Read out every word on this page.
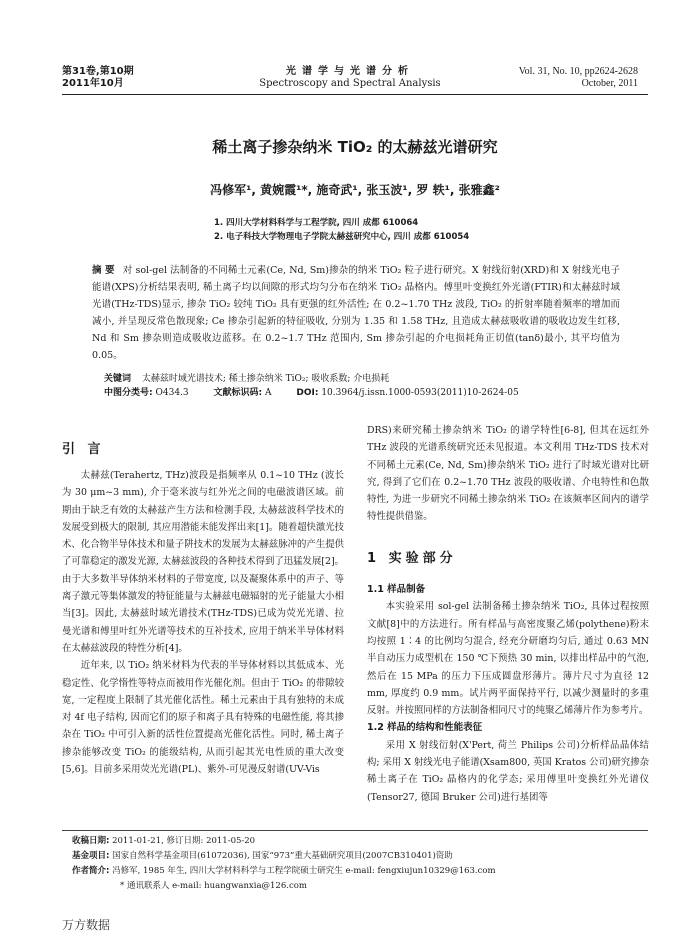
第31卷,第10期
2011年10月
光谱学与光谱分析
Spectroscopy and Spectral Analysis
Vol. 31, No. 10, pp2624-2628
October, 2011
稀土离子掺杂纳米 TiO₂ 的太赫兹光谱研究
冯修军¹, 黄婉霞¹*, 施奇武¹, 张玉波¹, 罗 轶¹, 张雅鑫²
1. 四川大学材料科学与工程学院, 四川 成都 610064
2. 电子科技大学物理电子学院太赫兹研究中心, 四川 成都 610054
摘 要 对 sol-gel 法制备的不同稀土元素(Ce, Nd, Sm)掺杂的纳米 TiO₂ 粒子进行研究。X 射线衍射(XRD)和 X 射线光电子能谱(XPS)分析结果表明, 稀土离子均以间隙的形式均匀分布在纳米 TiO₂ 晶格内。傅里叶变换红外光谱(FTIR)和太赫兹时域光谱(THz-TDS)显示, 掺杂 TiO₂ 较纯 TiO₂ 具有更强的红外活性; 在 0.2~1.70 THz 波段, TiO₂ 的折射率随着频率的增加而减小, 并呈现反常色散现象; Ce 掺杂引起新的特征吸收, 分别为 1.35 和 1.58 THz, 且造成太赫兹吸收谱的吸收边发生红移, Nd 和 Sm 掺杂则造成吸收边蓝移。在 0.2~1.7 THz 范围内, Sm 掺杂引起的介电损耗角正切值(tanδ)最小, 其平均值为 0.05。
关键词 太赫兹时域光谱技术; 稀土掺杂纳米 TiO₂; 吸收系数; 介电损耗
中图分类号: O434.3	文献标识码: A	DOI: 10.3964/j.issn.1000-0593(2011)10-2624-05
引 言

太赫兹(Terahertz, THz)波段是指频率从 0.1~10 THz (波长为 30 μm~3 mm), 介于毫米波与红外光之间的电磁波谱区域。前期由于缺乏有效的太赫兹产生方法和检测手段, 太赫兹波科学技术的发展受到极大的限制, 其应用潜能未能发挥出来[1]。随着超快激光技术、化合物半导体技术和量子阱技术的发展为太赫兹脉冲的产生提供了可靠稳定的激发光源, 太赫兹波段的各种技术得到了迅猛发展[2]。由于大多数半导体纳米材料的子带宽度, 以及凝聚体系中的声子、等离子激元等集体激发的特征能量与太赫兹电磁辐射的光子能量大小相当[3]。因此, 太赫兹时域光谱技术(THz-TDS)已成为荧光光谱、拉曼光谱和傅里叶红外光谱等技术的互补技术, 应用于纳米半导体材料在太赫兹波段的特性分析[4]。

近年来, 以 TiO₂ 纳米材料为代表的半导体材料以其低成本、光稳定性、化学惰性等特点而被用作光催化剂。但由于 TiO₂ 的带隙较宽, 一定程度上限制了其光催化活性。稀土元素由于具有独特的未成对 4f 电子结构, 因而它们的原子和离子具有特殊的电磁性能, 将其掺杂在 TiO₂ 中可引入新的活性位置提高光催化活性。同时, 稀土离子掺杂能够改变 TiO₂ 的能级结构, 从而引起其光电性质的重大改变[5,6]。目前多采用荧光光谱(PL)、紫外-可见漫反射谱(UV-Vis

DRS)来研究稀土掺杂纳米 TiO₂ 的谱学特性[6-8], 但其在远红外 THz 波段的光谱系统研究还未见报道。本文利用 THz-TDS 技术对不同稀土元素(Ce, Nd, Sm)掺杂纳米 TiO₂ 进行了时域光谱对比研究, 得到了它们在 0.2~1.70 THz 波段的吸收谱、介电特性和色散特性, 为进一步研究不同稀土掺杂纳米 TiO₂ 在该频率区间内的谱学特性提供借鉴。

1 实验部分
1.1 样品制备

本实验采用 sol-gel 法制备稀土掺杂纳米 TiO₂, 具体过程按照文献[8]中的方法进行。所有样品与高密度聚乙烯(polythene)粉末均按照 1∶4 的比例均匀混合, 经充分研磨均匀后, 通过 0.63 MN 半自动压力成型机在 150 ℃下预热 30 min, 以排出样品中的气泡, 然后在 15 MPa 的压力下压成圆盘形薄片。薄片尺寸为直径 12 mm, 厚度约 0.9 mm。试片两平面保持平行, 以减少测量时的多重反射。并按照同样的方法制备相同尺寸的纯聚乙烯薄片作为参考片。

1.2 样品的结构和性能表征

采用 X 射线衍射(X'Pert, 荷兰 Philips 公司)分析样品晶体结构; 采用 X 射线光电子能谱(Xsam800, 英国 Kratos 公司)研究掺杂稀土离子在 TiO₂ 晶格内的化学态; 采用傅里叶变换红外光谱仪(Tensor27, 德国 Bruker 公司)进行基团等

收稿日期: 2011-01-21, 修订日期: 2011-05-20
基金项目: 国家自然科学基金项目(61072036), 国家“973”重大基础研究项目(2007CB310401)资助
作者简介: 冯修军, 1985 年生, 四川大学材料科学与工程学院硕士研究生 e-mail: fengxiujun10329@163.com
* 通讯联系人 e-mail: huangwanxia@126.com
万方数据
